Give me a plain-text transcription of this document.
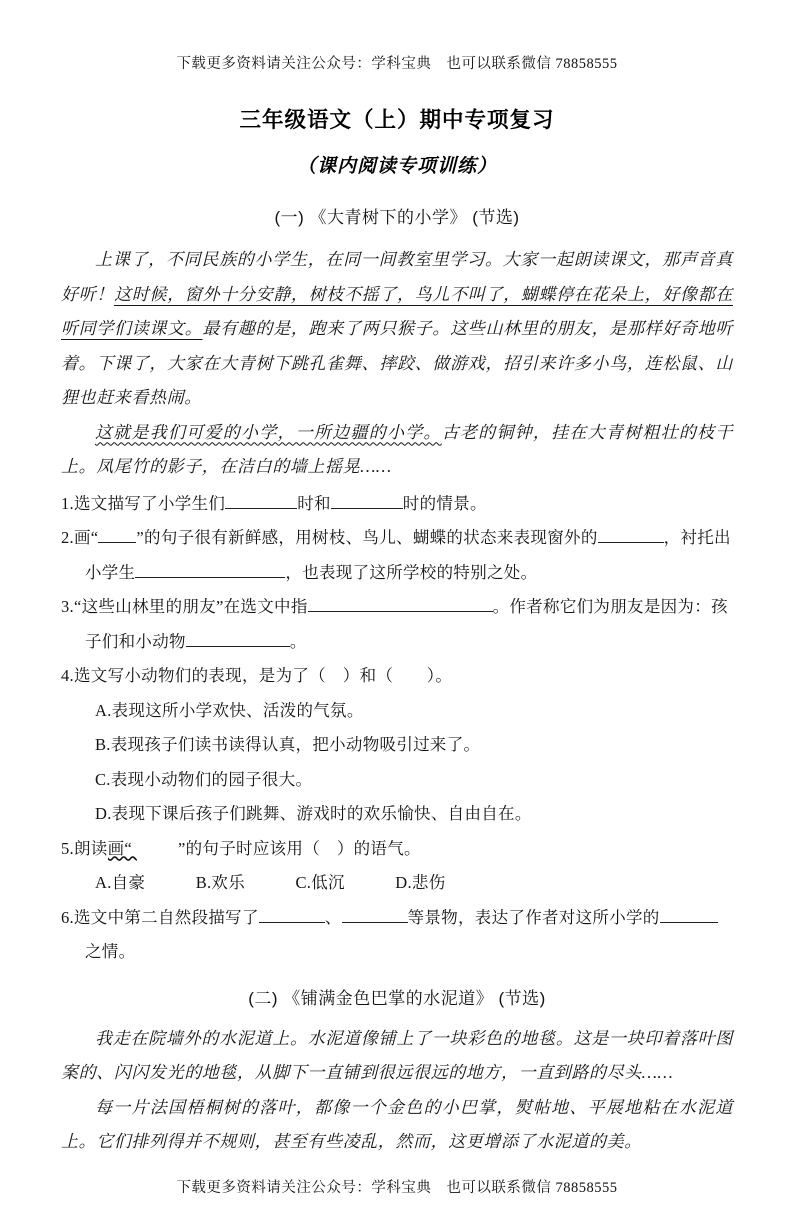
下载更多资料请关注公众号：学科宝典　也可以联系微信 78858555
三年级语文（上）期中专项复习
（课内阅读专项训练）
(一) 《大青树下的小学》 (节选)

上课了，不同民族的小学生，在同一间教室里学习。大家一起朗读课文，那声音真好听！这时候，窗外十分安静，树枝不摇了，鸟儿不叫了，蝴蝶停在花朵上，好像都在听同学们读课文。最有趣的是，跑来了两只猴子。这些山林里的朋友，是那样好奇地听着。下课了，大家在大青树下跳孔雀舞、摔跤、做游戏，招引来许多小鸟，连松鼠、山狸也赶来看热闹。

这就是我们可爱的小学，一所边疆的小学。古老的铜钟，挂在大青树粗壮的枝干上。凤尾竹的影子，在洁白的墙上摇晃……

1.选文描写了小学生们	时和	时的情景。
2.画“ ”的句子很有新鲜感，用树枝、鸟儿、蝴蝶的状态来表现窗外的	，衬托出小学生	，也表现了这所学校的特别之处。
3.“这些山林里的朋友”在选文中指	。作者称它们为朋友是因为：孩子们和小动物	。
4.选文写小动物们的表现，是为了（　）和（　　）。
A.表现这所小学欢快、活泼的气氛。
B.表现孩子们读书读得认真，把小动物吸引过来了。
C.表现小动物们的园子很大。
D.表现下课后孩子们跳舞、游戏时的欢乐愉快、自由自在。
5.朗读画“	”的句子时应该用（　）的语气。
A.自豪	B.欢乐	C.低沉	D.悲伤
6.选文中第二自然段描写了	、	等景物，表达了作者对这所小学的之情。
(二) 《铺满金色巴掌的水泥道》 (节选)

我走在院墙外的水泥道上。水泥道像铺上了一块彩色的地毯。这是一块印着落叶图案的、闪闪发光的地毯，从脚下一直铺到很远很远的地方，一直到路的尽头……

每一片法国梧桐树的落叶，都像一个金色的小巴掌，熨帖地、平展地粘在水泥道上。它们排列得并不规则，甚至有些凌乱，然而，这更增添了水泥道的美。

下载更多资料请关注公众号：学科宝典　也可以联系微信 78858555
